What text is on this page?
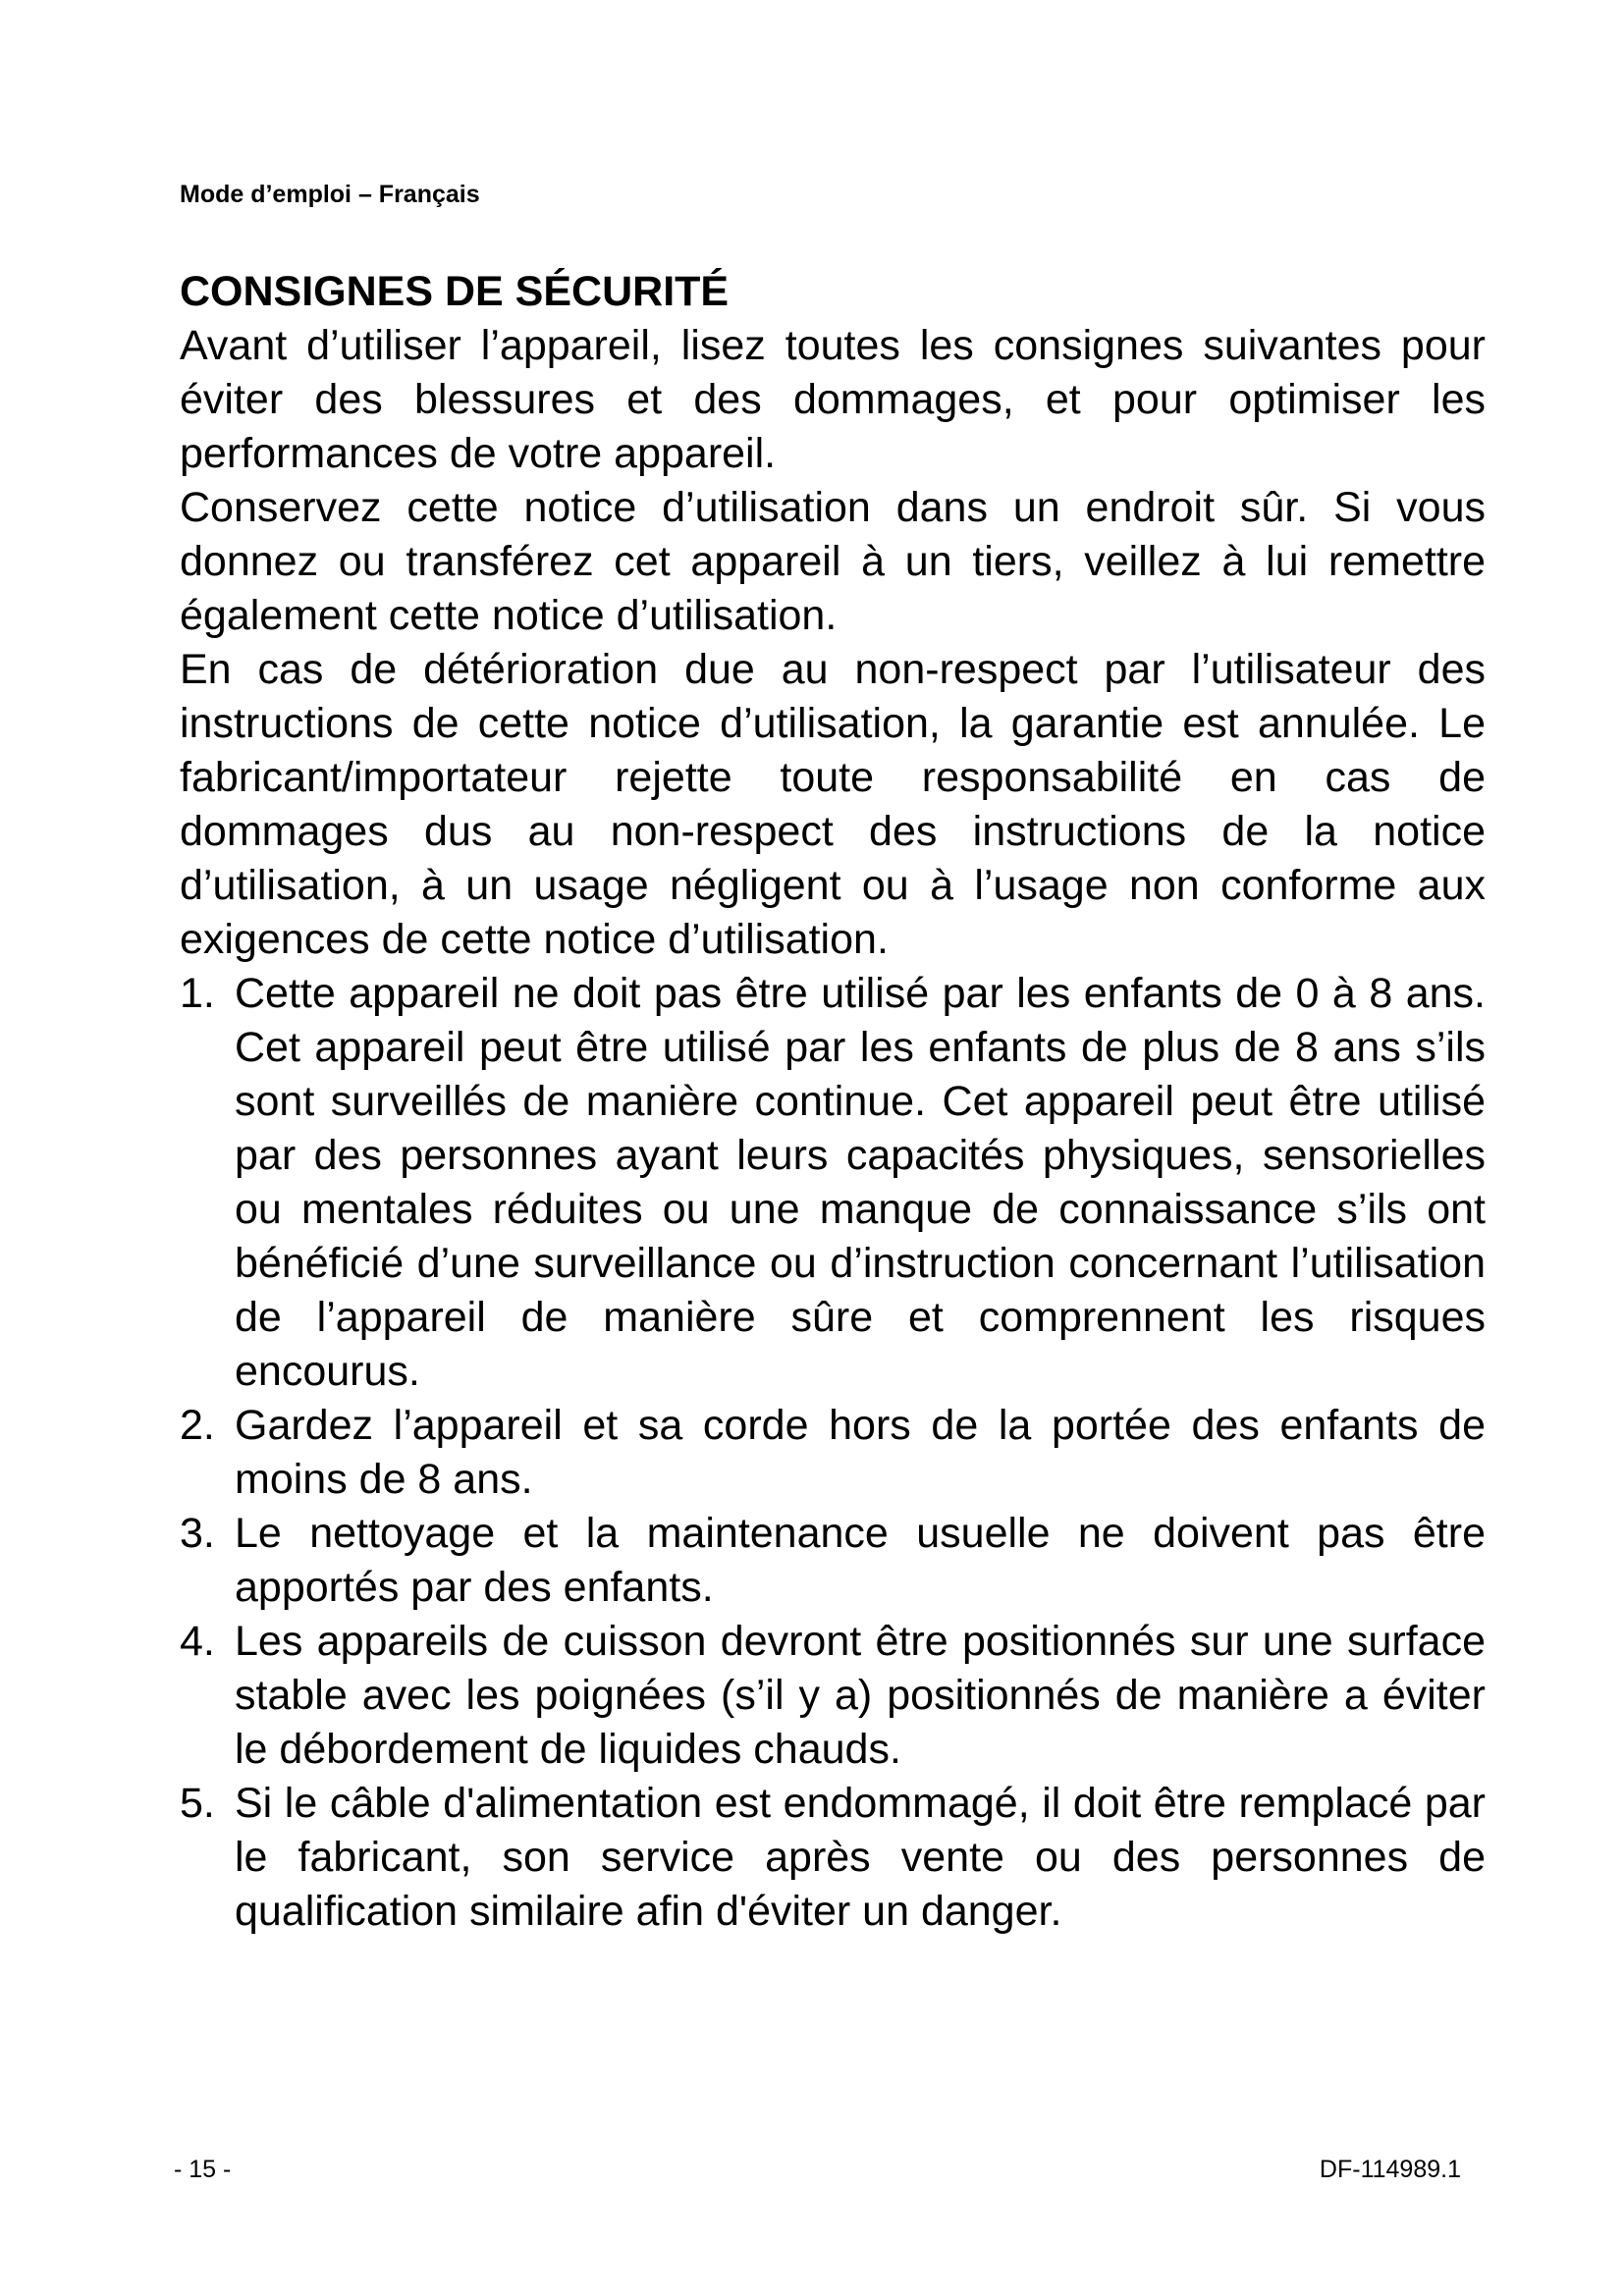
Mode d’emploi – Français
CONSIGNES DE SÉCURITÉ

Avant d’utiliser l’appareil, lisez toutes les consignes suivantes pour éviter des blessures et des dommages, et pour optimiser les performances de votre appareil.

Conservez cette notice d’utilisation dans un endroit sûr. Si vous donnez ou transférez cet appareil à un tiers, veillez à lui remettre également cette notice d’utilisation.

En cas de détérioration due au non-respect par l’utilisateur des instructions de cette notice d’utilisation, la garantie est annulée. Le fabricant/importateur rejette toute responsabilité en cas de dommages dus au non-respect des instructions de la notice d’utilisation, à un usage négligent ou à l’usage non conforme aux exigences de cette notice d’utilisation.

1. Cette appareil ne doit pas être utilisé par les enfants de 0 à 8 ans. Cet appareil peut être utilisé par les enfants de plus de 8 ans s’ils sont surveillés de manière continue. Cet appareil peut être utilisé par des personnes ayant leurs capacités physiques, sensorielles ou mentales réduites ou une manque de connaissance s’ils ont bénéficié d’une surveillance ou d’instruction concernant l’utilisation de l’appareil de manière sûre et comprennent les risques encourus.
2. Gardez l’appareil et sa corde hors de la portée des enfants de moins de 8 ans.
3. Le nettoyage et la maintenance usuelle ne doivent pas être apportés par des enfants.
4. Les appareils de cuisson devront être positionnés sur une surface stable avec les poignées (s’il y a) positionnés de manière a éviter le débordement de liquides chauds.
5. Si le câble d'alimentation est endommagé, il doit être remplacé par le fabricant, son service après vente ou des personnes de qualification similaire afin d'éviter un danger.
- 15 -	DF-114989.1
